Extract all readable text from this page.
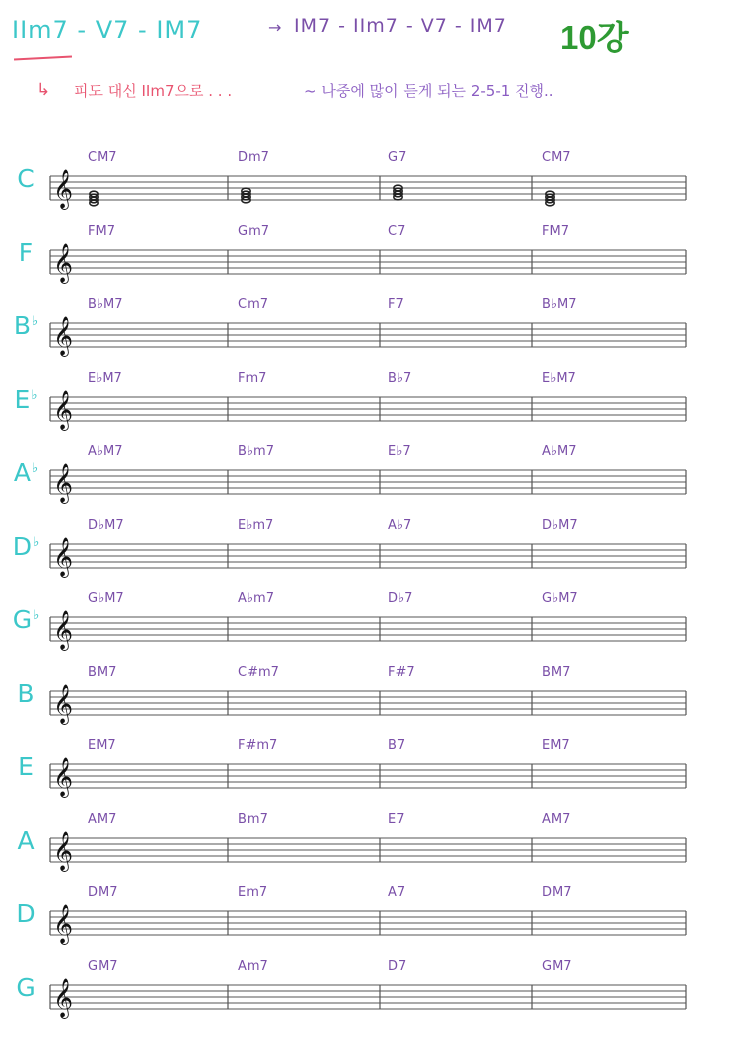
IIm7 - V7 - IM7	→ IM7 - IIm7 - V7 - IM7 10강
↳ 피도 대신 IIm7으로 . . .	~ 나중에 많이 듣게 되는 2-5-1 진행..
C
CM7	Dm7	G7	CM7
𝄞
F
FM7	Gm7	C7	FM7
𝄞
B♭
B♭M7	Cm7	F7	B♭M7
𝄞
E♭
E♭M7	Fm7	B♭7	E♭M7
𝄞
A♭
A♭M7	B♭m7	E♭7	A♭M7
𝄞
D♭
D♭M7	E♭m7	A♭7	D♭M7
𝄞
G♭
G♭M7	A♭m7	D♭7	G♭M7
𝄞
B
BM7	C#m7	F#7	BM7
𝄞
E
EM7	F#m7	B7	EM7
𝄞
A
AM7	Bm7	E7	AM7
𝄞
D
DM7	Em7	A7	DM7
𝄞
G
GM7	Am7	D7	GM7
𝄞
